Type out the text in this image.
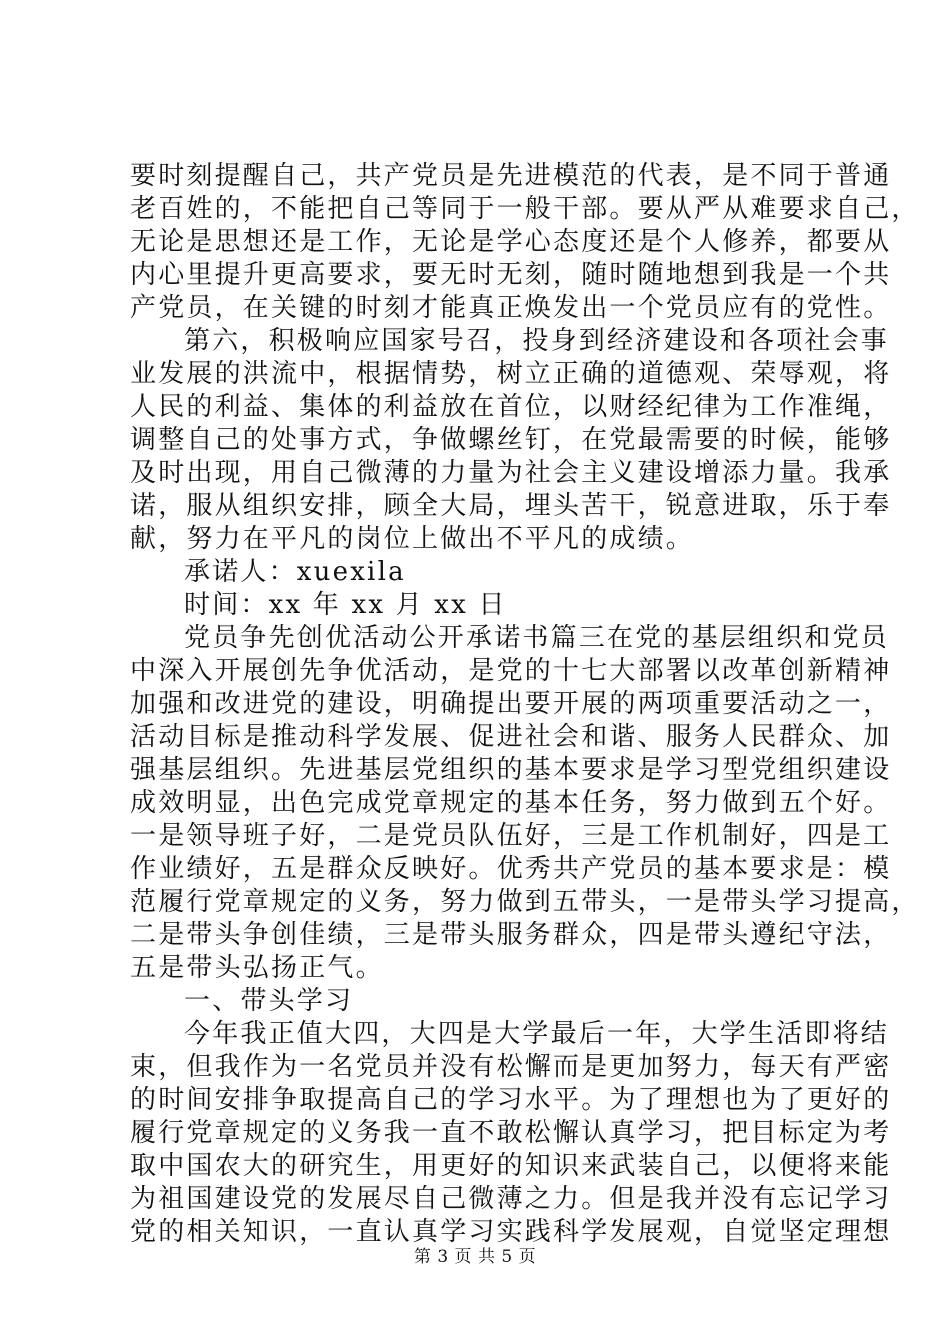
要时刻提醒自己，共产党员是先进模范的代表，是不同于普通
老百姓的，不能把自己等同于一般干部。要从严从难要求自己，
无论是思想还是工作，无论是学心态度还是个人修养，都要从
内心里提升更高要求，要无时无刻，随时随地想到我是一个共
产党员，在关键的时刻才能真正焕发出一个党员应有的党性。
第六，积极响应国家号召，投身到经济建设和各项社会事
业发展的洪流中，根据情势，树立正确的道德观、荣辱观，将
人民的利益、集体的利益放在首位，以财经纪律为工作准绳，
调整自己的处事方式，争做螺丝钉，在党最需要的时候，能够
及时出现，用自己微薄的力量为社会主义建设增添力量。我承
诺，服从组织安排，顾全大局，埋头苦干，锐意进取，乐于奉
献，努力在平凡的岗位上做出不平凡的成绩。
承诺人：xuexila
时间：xx 年 xx 月 xx 日
党员争先创优活动公开承诺书篇三在党的基层组织和党员
中深入开展创先争优活动，是党的十七大部署以改革创新精神
加强和改进党的建设，明确提出要开展的两项重要活动之一，
活动目标是推动科学发展、促进社会和谐、服务人民群众、加
强基层组织。先进基层党组织的基本要求是学习型党组织建设
成效明显，出色完成党章规定的基本任务，努力做到五个好。
一是领导班子好，二是党员队伍好，三是工作机制好，四是工
作业绩好，五是群众反映好。优秀共产党员的基本要求是：模
范履行党章规定的义务，努力做到五带头，一是带头学习提高，
二是带头争创佳绩，三是带头服务群众，四是带头遵纪守法，
五是带头弘扬正气。
一、带头学习
今年我正值大四，大四是大学最后一年，大学生活即将结
束，但我作为一名党员并没有松懈而是更加努力，每天有严密
的时间安排争取提高自己的学习水平。为了理想也为了更好的
履行党章规定的义务我一直不敢松懈认真学习，把目标定为考
取中国农大的研究生，用更好的知识来武装自己，以便将来能
为祖国建设党的发展尽自己微薄之力。但是我并没有忘记学习
党的相关知识，一直认真学习实践科学发展观，自觉坚定理想
第 3 页 共 5 页
